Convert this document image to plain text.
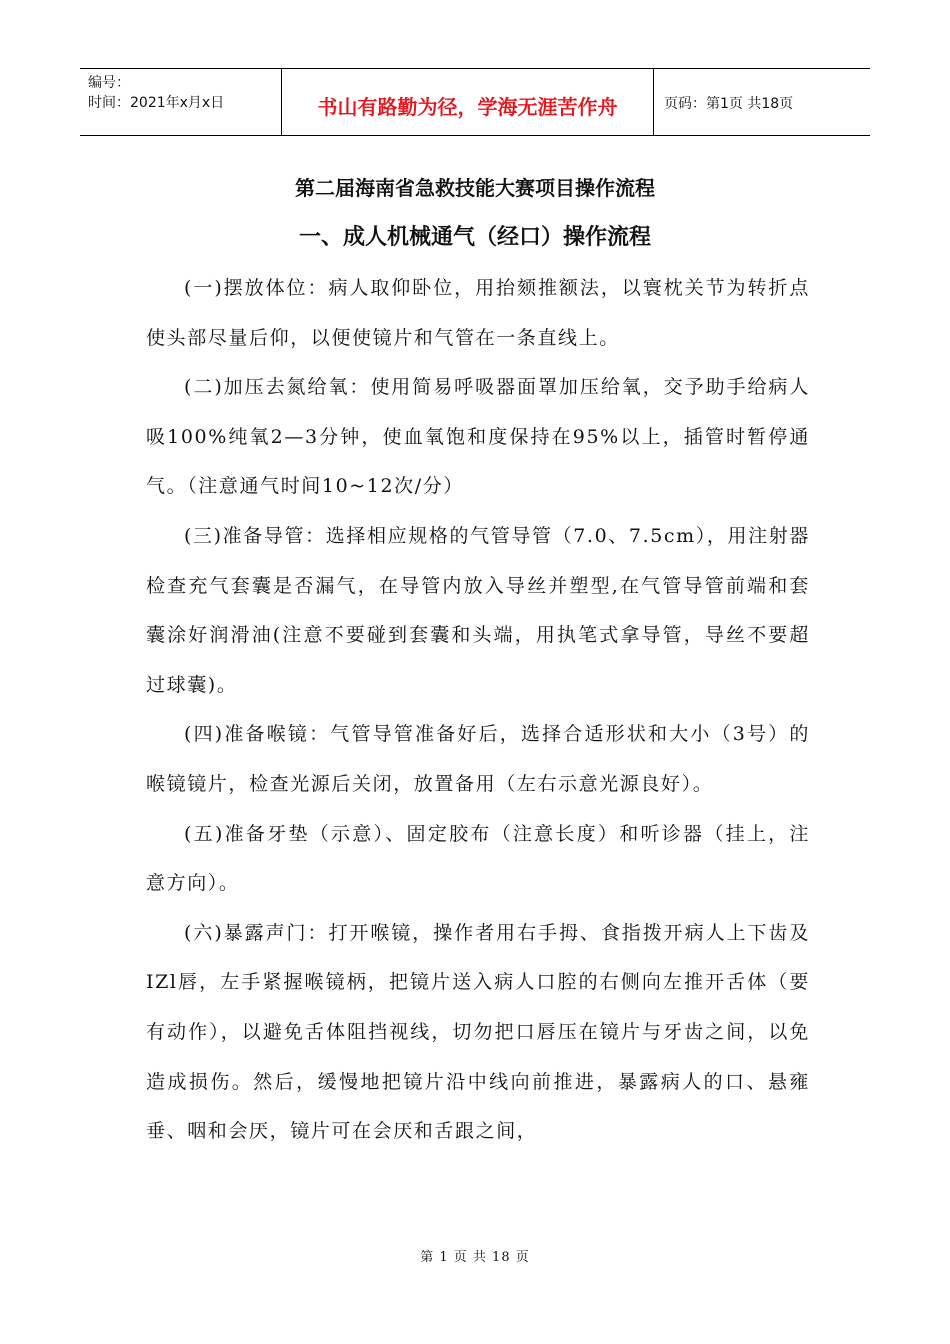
编号：
时间：2021年x月x日	书山有路勤为径，学海无涯苦作舟	页码：第1页 共18页
第二届海南省急救技能大赛项目操作流程
一、成人机械通气（经口）操作流程

(一)摆放体位：病人取仰卧位，用抬颏推额法，以寰枕关节为转折点使头部尽量后仰，以便使镜片和气管在一条直线上。

(二)加压去氮给氧：使用简易呼吸器面罩加压给氧，交予助手给病人吸100%纯氧2—3分钟，使血氧饱和度保持在95%以上，插管时暂停通气。（注意通气时间10~12次/分）

(三)准备导管：选择相应规格的气管导管（7.0、7.5cm），用注射器检查充气套囊是否漏气，在导管内放入导丝并塑型,在气管导管前端和套囊涂好润滑油(注意不要碰到套囊和头端，用执笔式拿导管，导丝不要超过球囊)。

(四)准备喉镜：气管导管准备好后，选择合适形状和大小（3号）的喉镜镜片，检查光源后关闭，放置备用（左右示意光源良好）。

(五)准备牙垫（示意）、固定胶布（注意长度）和听诊器（挂上，注意方向）。

(六)暴露声门：打开喉镜，操作者用右手拇、食指拨开病人上下齿及IZl唇，左手紧握喉镜柄，把镜片送入病人口腔的右侧向左推开舌体（要有动作），以避免舌体阻挡视线，切勿把口唇压在镜片与牙齿之间，以免造成损伤。然后，缓慢地把镜片沿中线向前推进，暴露病人的口、悬雍垂、咽和会厌，镜片可在会厌和舌跟之间，

第 1 页 共 18 页
